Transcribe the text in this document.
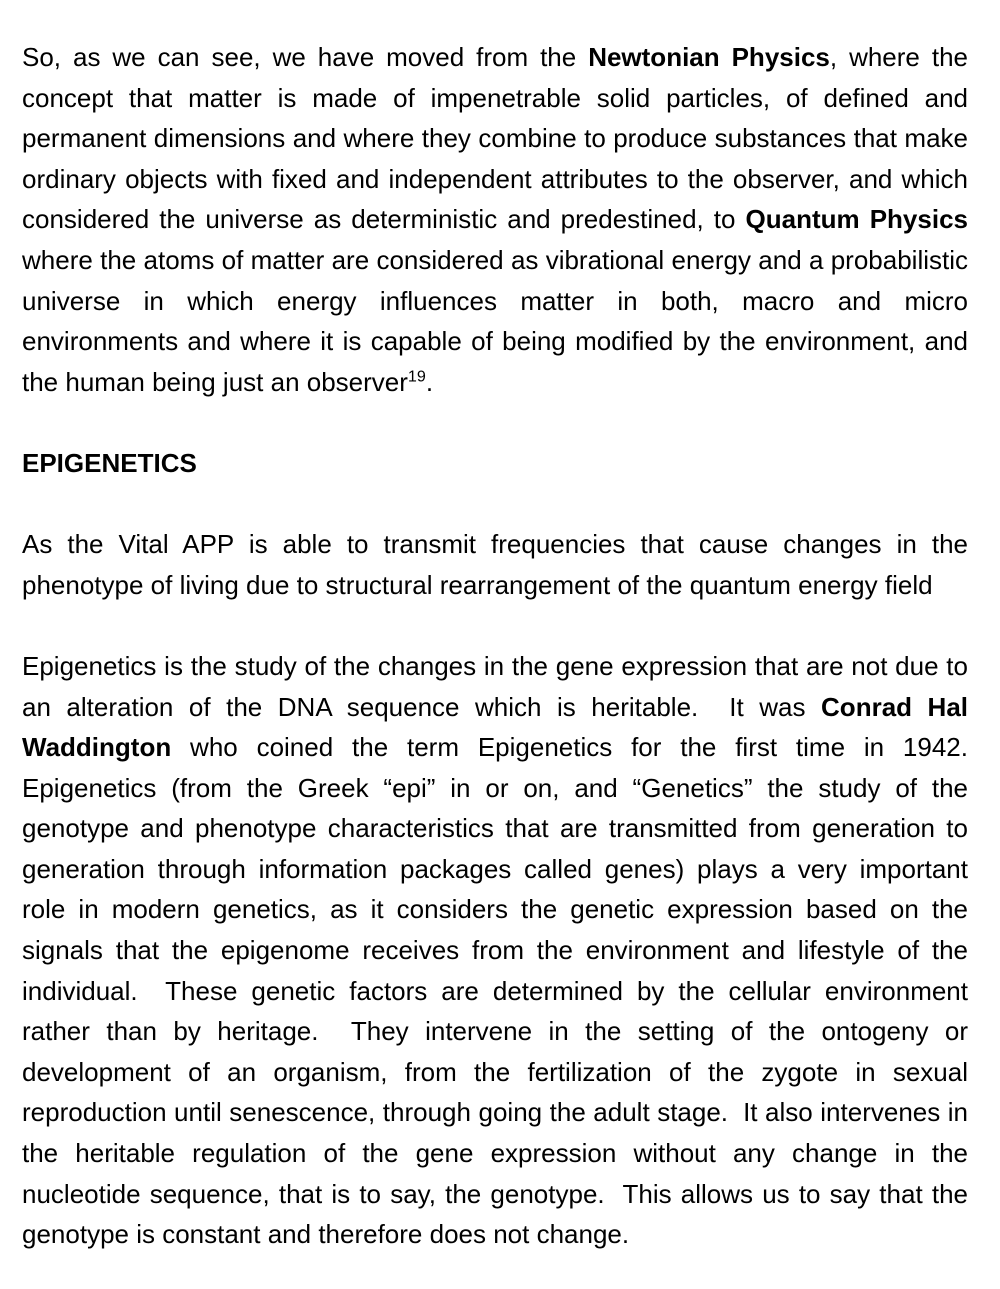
So, as we can see, we have moved from the Newtonian Physics, where the concept that matter is made of impenetrable solid particles, of defined and permanent dimensions and where they combine to produce substances that make ordinary objects with fixed and independent attributes to the observer, and which considered the universe as deterministic and predestined, to Quantum Physics where the atoms of matter are considered as vibrational energy and a probabilistic universe in which energy influences matter in both, macro and micro environments and where it is capable of being modified by the environment, and the human being just an observer$^{19}$.

EPIGENETICS

As the Vital APP is able to transmit frequencies that cause changes in the phenotype of living due to structural rearrangement of the quantum energy field

Epigenetics is the study of the changes in the gene expression that are not due to an alteration of the DNA sequence which is heritable.  It was Conrad Hal Waddington who coined the term Epigenetics for the first time in 1942. Epigenetics (from the Greek “epi” in or on, and “Genetics” the study of the genotype and phenotype characteristics that are transmitted from generation to generation through information packages called genes) plays a very important role in modern genetics, as it considers the genetic expression based on the signals that the epigenome receives from the environment and lifestyle of the individual.  These genetic factors are determined by the cellular environment rather than by heritage.  They intervene in the setting of the ontogeny or development of an organism, from the fertilization of the zygote in sexual reproduction until senescence, through going the adult stage.  It also intervenes in the heritable regulation of the gene expression without any change in the nucleotide sequence, that is to say, the genotype.  This allows us to say that the genotype is constant and therefore does not change.
